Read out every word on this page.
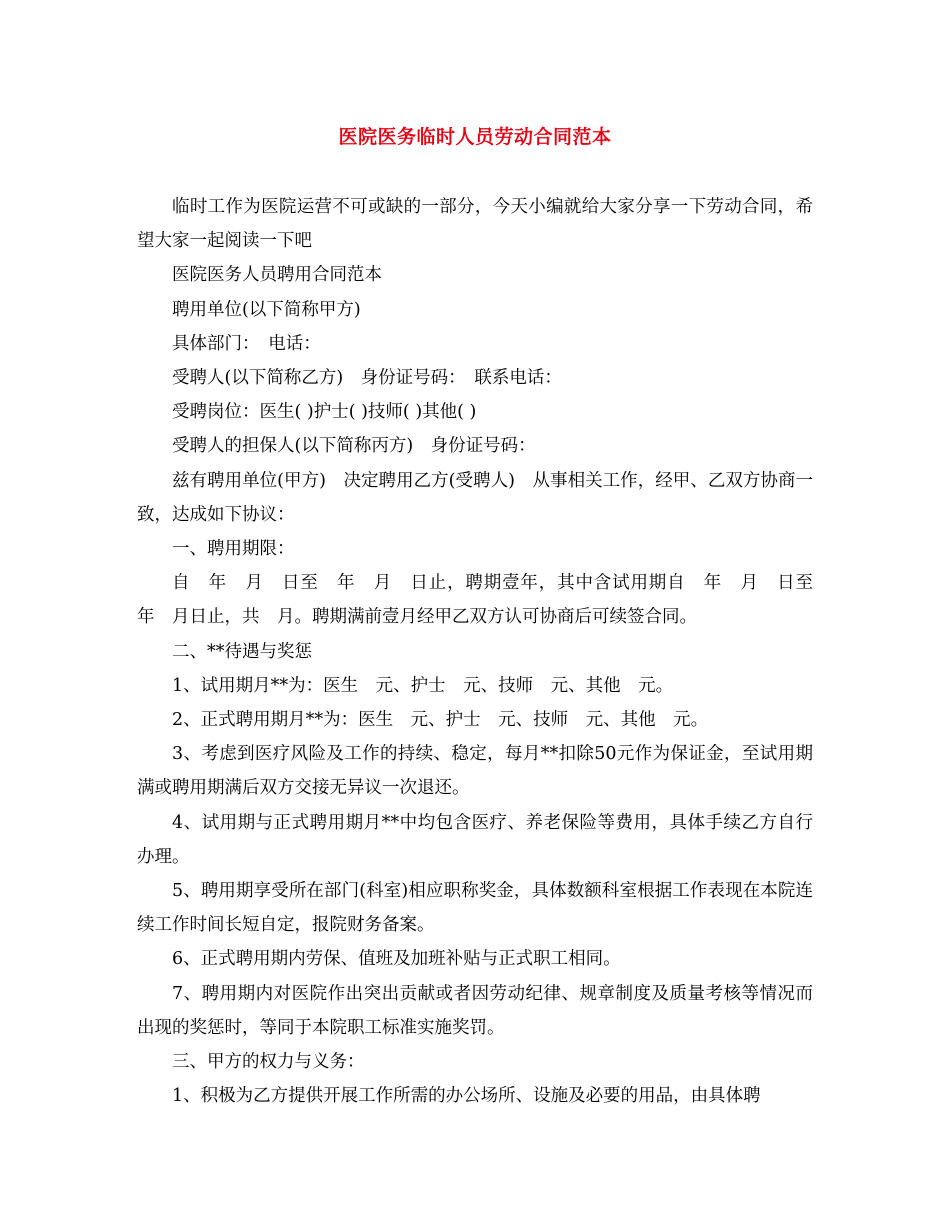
医院医务临时人员劳动合同范本

临时工作为医院运营不可或缺的一部分，今天小编就给大家分享一下劳动合同，希望大家一起阅读一下吧

医院医务人员聘用合同范本

聘用单位(以下简称甲方)

具体部门：　电话：

受聘人(以下简称乙方)　身份证号码：　联系电话：

受聘岗位：医生( )护士( )技师( )其他( )

受聘人的担保人(以下简称丙方)　身份证号码：

兹有聘用单位(甲方)　决定聘用乙方(受聘人)　从事相关工作，经甲、乙双方协商一致，达成如下协议：

一、聘用期限：

自　年　月　日至　年　月　日止，聘期壹年，其中含试用期自　年　月　日至　年　月日止，共　月。聘期满前壹月经甲乙双方认可协商后可续签合同。

二、**待遇与奖惩

1、试用期月**为：医生　元、护士　元、技师　元、其他　元。

2、正式聘用期月**为：医生　元、护士　元、技师　元、其他　元。

3、考虑到医疗风险及工作的持续、稳定，每月**扣除50元作为保证金，至试用期满或聘用期满后双方交接无异议一次退还。

4、试用期与正式聘用期月**中均包含医疗、养老保险等费用，具体手续乙方自行办理。

5、聘用期享受所在部门(科室)相应职称奖金，具体数额科室根据工作表现在本院连续工作时间长短自定，报院财务备案。

6、正式聘用期内劳保、值班及加班补贴与正式职工相同。

7、聘用期内对医院作出突出贡献或者因劳动纪律、规章制度及质量考核等情况而出现的奖惩时，等同于本院职工标准实施奖罚。

三、甲方的权力与义务：

1、积极为乙方提供开展工作所需的办公场所、设施及必要的用品，由具体聘
